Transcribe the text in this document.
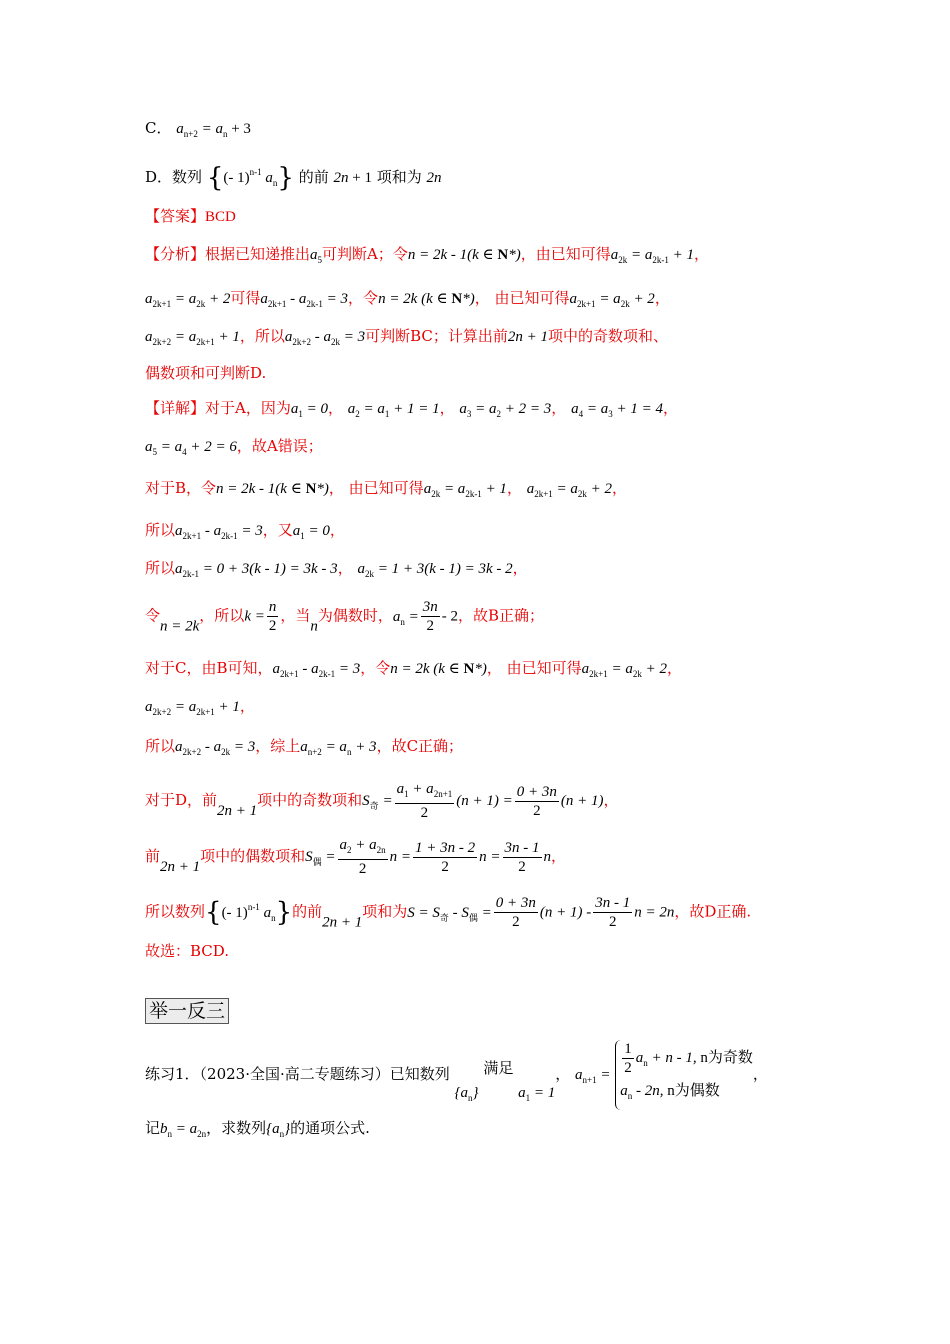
C． $a_{n+2} = a_n + 3$
D．数列 {(- 1)$^{n-1}$ $a_n$} 的前 2n + 1 项和为 2n
【答案】BCD
【分析】根据已知递推出$a_5$可判断A；令n = 2k - 1(k ∈ N*)，由已知可得$a_{2k} = a_{2k-1} + 1$，
$a_{2k+1} = a_{2k} + 2$可得$a_{2k+1} - a_{2k-1} = 3$，令n = 2k (k ∈ N*)， 由已知可得$a_{2k+1} = a_{2k} + 2$，
$a_{2k+2} = a_{2k+1} + 1$，所以$a_{2k+2} - a_{2k} = 3$可判断BC；计算出前2n + 1项中的奇数项和、
偶数项和可判断D.
【详解】对于A，因为$a_1 = 0$， $a_2 = a_1 + 1 = 1$， $a_3 = a_2 + 2 = 3$， $a_4 = a_3 + 1 = 4$，
$a_5 = a_4 + 2 = 6$，故A错误；
对于B，令n = 2k - 1(k ∈ N*)， 由已知可得$a_{2k} = a_{2k-1} + 1$， $a_{2k+1} = a_{2k} + 2$，
所以$a_{2k+1} - a_{2k-1} = 3$，又$a_1 = 0$，
所以$a_{2k-1} = 0 + 3(k - 1) = 3k - 3$， $a_{2k} = 1 + 3(k - 1) = 3k - 2$，
令n = 2k，所以$k = \frac{n}{2}$ ，当n为偶数时，$a_n = \frac{3n}{2} - 2$，故B正确；
对于C，由B可知，$a_{2k+1} - a_{2k-1} = 3$，令n = 2k (k ∈ N*)， 由已知可得$a_{2k+1} = a_{2k} + 2$，
$a_{2k+2} = a_{2k+1} + 1$，
所以$a_{2k+2} - a_{2k} = 3$，综上$a_{n+2} = a_n + 3$，故C正确；
对于D，前2n + 1项中的奇数项和$S_奇 = \frac{a_1 + a_{2n+1}}{2} (n + 1) = \frac{0 + 3n}{2} (n + 1)$，
前2n + 1项中的偶数项和$S_偶 = \frac{a_2 + a_{2n}}{2}$ $n = \frac{1 + 3n - 2}{2}$ $n = \frac{3n - 1}{2}$ n，
所以数列{(- 1)$^{n-1}$ $a_n$}的前2n + 1项和为$S = S_奇 - S_偶 = \frac{0 + 3n}{2} (n + 1) - \frac{3n - 1}{2}$ n = 2n，故D正确.
故选：BCD.
举一反三
练习1．（2023·全国·高二专题练习）已知数列 $\{a_n\}$ 满足 $a_1 = 1$， $a_{n+1} = \frac{1}{2} a_n + n - 1$, n为奇数
$a_n - 2n$, n为偶数
，
记$b_n = a_{2n}$，求数列$\{a_n\}$的通项公式.
